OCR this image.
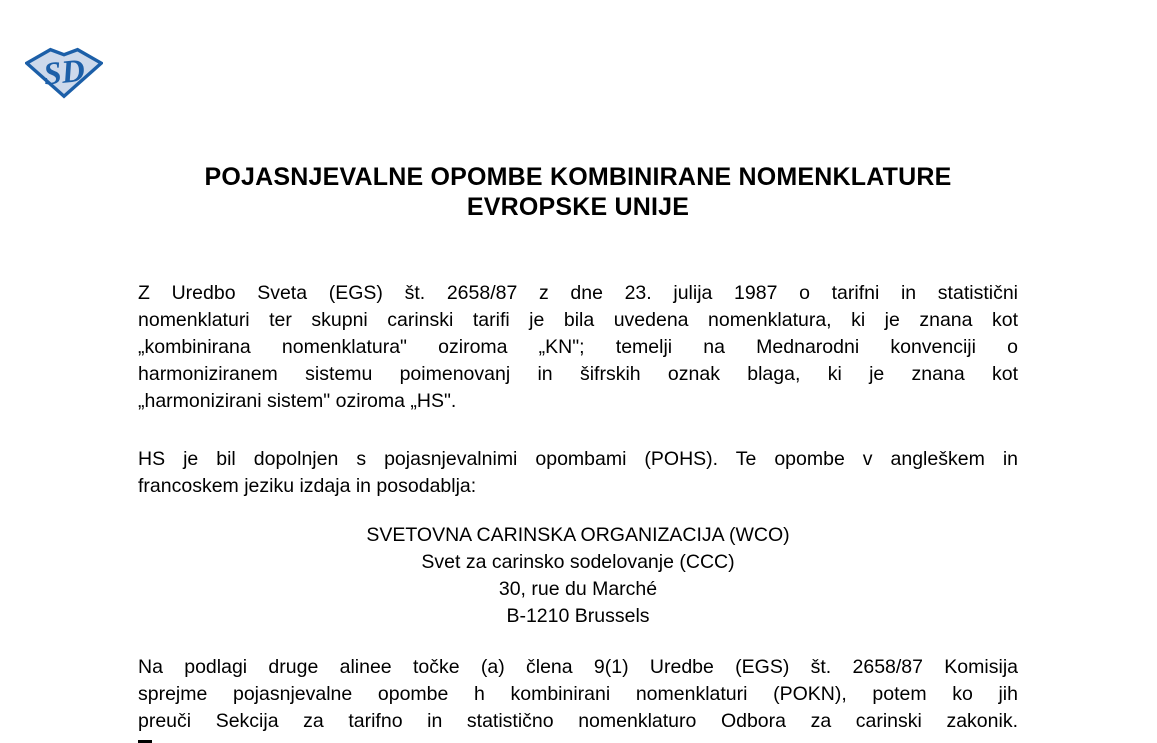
SD
POJASNJEVALNE OPOMBE KOMBINIRANE NOMENKLATURE
EVROPSKE UNIJE
Z Uredbo Sveta (EGS) št. 2658/87 z dne 23. julija 1987 o tarifni in statistični
nomenklaturi ter skupni carinski tarifi je bila uvedena nomenklatura, ki je znana kot
„kombinirana nomenklatura" oziroma „KN"; temelji na Mednarodni konvenciji o
harmoniziranem sistemu poimenovanj in šifrskih oznak blaga, ki je znana kot
„harmonizirani sistem" oziroma „HS".
HS je bil dopolnjen s pojasnjevalnimi opombami (POHS). Te opombe v angleškem in
francoskem jeziku izdaja in posodablja:
SVETOVNA CARINSKA ORGANIZACIJA (WCO)
Svet za carinsko sodelovanje (CCC)
30, rue du Marché
B-1210 Brussels
Na podlagi druge alinee točke (a) člena 9(1) Uredbe (EGS) št. 2658/87 Komisija
sprejme pojasnjevalne opombe h kombinirani nomenklaturi (POKN), potem ko jih
preuči Sekcija za tarifno in statistično nomenklaturo Odbora za carinski zakonik.
